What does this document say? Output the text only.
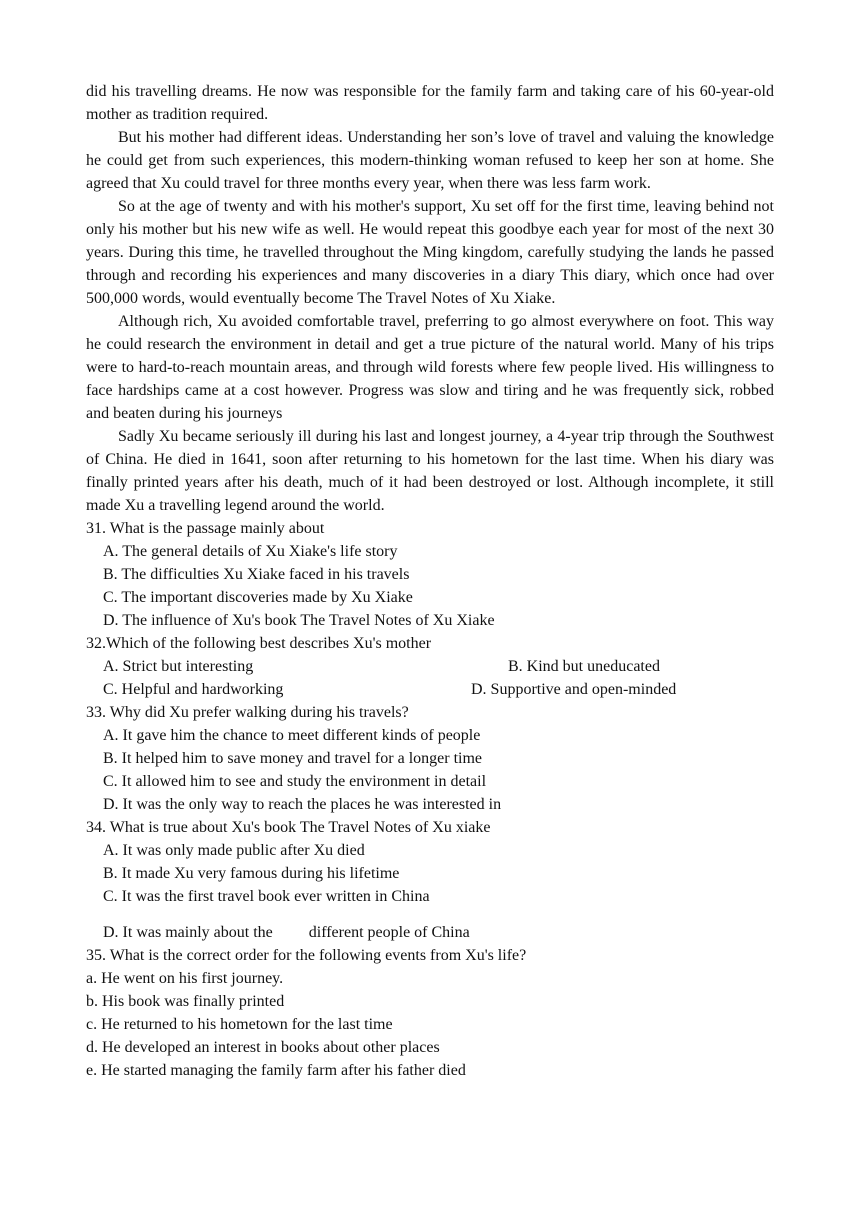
did his travelling dreams. He now was responsible for the family farm and taking care of his 60-year-old mother as tradition required.

But his mother had different ideas. Understanding her son’s love of travel and valuing the knowledge he could get from such experiences, this modern-thinking woman refused to keep her son at home. She agreed that Xu could travel for three months every year, when there was less farm work.

So at the age of twenty and with his mother's support, Xu set off for the first time, leaving behind not only his mother but his new wife as well. He would repeat this goodbye each year for most of the next 30 years. During this time, he travelled throughout the Ming kingdom, carefully studying the lands he passed through and recording his experiences and many discoveries in a diary This diary, which once had over 500,000 words, would eventually become The Travel Notes of Xu Xiake.

Although rich, Xu avoided comfortable travel, preferring to go almost everywhere on foot. This way he could research the environment in detail and get a true picture of the natural world. Many of his trips were to hard-to-reach mountain areas, and through wild forests where few people lived. His willingness to face hardships came at a cost however. Progress was slow and tiring and he was frequently sick, robbed and beaten during his journeys

Sadly Xu became seriously ill during his last and longest journey, a 4-year trip through the Southwest of China. He died in 1641, soon after returning to his hometown for the last time. When his diary was finally printed years after his death, much of it had been destroyed or lost. Although incomplete, it still made Xu a travelling legend around the world.

31. What is the passage mainly about

A. The general details of Xu Xiake's life story

B. The difficulties Xu Xiake faced in his travels

C. The important discoveries made by Xu Xiake

D. The influence of Xu's book The Travel Notes of Xu Xiake

32.Which of the following best describes Xu's mother

A. Strict but interesting	B. Kind but uneducated
C. Helpful and hardworking	D. Supportive and open-minded

33. Why did Xu prefer walking during his travels?

A. It gave him the chance to meet different kinds of people

B. It helped him to save money and travel for a longer time

C. It allowed him to see and study the environment in detail

D. It was the only way to reach the places he was interested in

34. What is true about Xu's book The Travel Notes of Xu xiake

A. It was only made public after Xu died

B. It made Xu very famous during his lifetime

C. It was the first travel book ever written in China

D. It was mainly about the         different people of China

35. What is the correct order for the following events from Xu's life?

a. He went on his first journey.

b. His book was finally printed

c. He returned to his hometown for the last time

d. He developed an interest in books about other places

e. He started managing the family farm after his father died
